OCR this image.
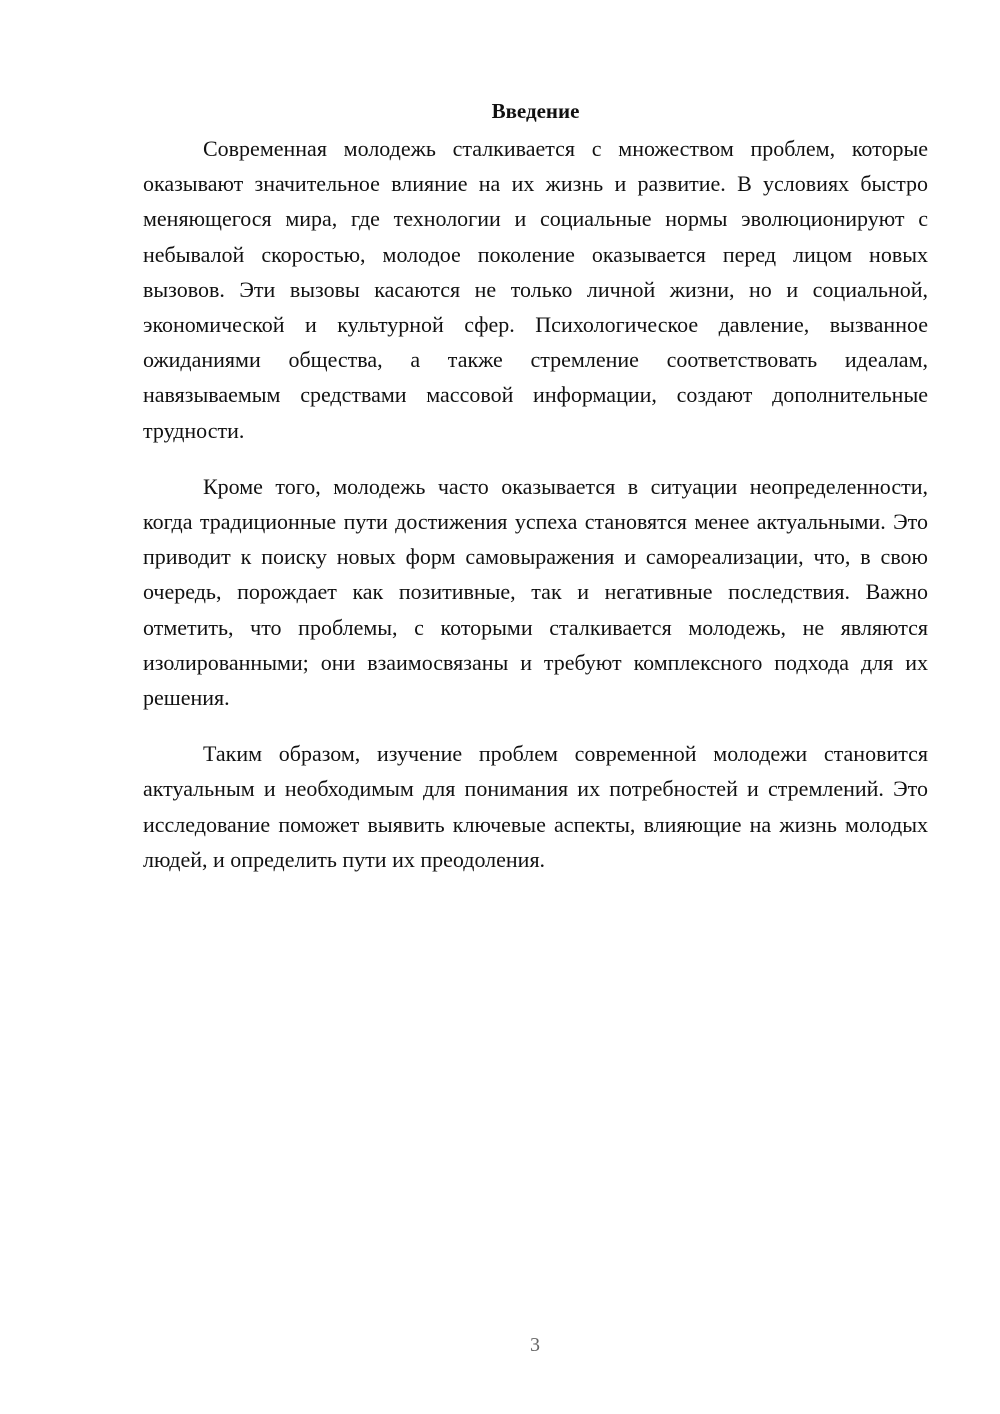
Введение

Современная молодежь сталкивается с множеством проблем, которые оказывают значительное влияние на их жизнь и развитие. В условиях быстро меняющегося мира, где технологии и социальные нормы эволюционируют с небывалой скоростью, молодое поколение оказывается перед лицом новых вызовов. Эти вызовы касаются не только личной жизни, но и социальной, экономической и культурной сфер. Психологическое давление, вызванное ожиданиями общества, а также стремление соответствовать идеалам, навязываемым средствами массовой информации, создают дополнительные трудности.

Кроме того, молодежь часто оказывается в ситуации неопределенности, когда традиционные пути достижения успеха становятся менее актуальными. Это приводит к поиску новых форм самовыражения и самореализации, что, в свою очередь, порождает как позитивные, так и негативные последствия. Важно отметить, что проблемы, с которыми сталкивается молодежь, не являются изолированными; они взаимосвязаны и требуют комплексного подхода для их решения.

Таким образом, изучение проблем современной молодежи становится актуальным и необходимым для понимания их потребностей и стремлений. Это исследование поможет выявить ключевые аспекты, влияющие на жизнь молодых людей, и определить пути их преодоления.

3
